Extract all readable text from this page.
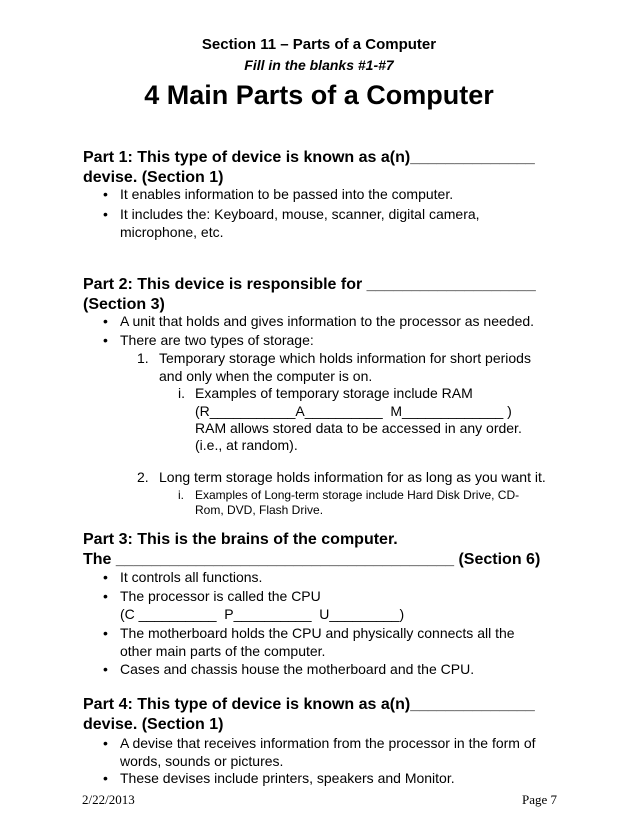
Section 11 – Parts of a Computer
Fill in the blanks #1-#7
4 Main Parts of a Computer
Part 1: This type of device is known as a(n)______________
devise. (Section 1)
• It enables information to be passed into the computer.
• It includes the: Keyboard, mouse, scanner, digital camera,
microphone, etc.
Part 2: This device is responsible for ___________________
(Section 3)
• A unit that holds and gives information to the processor as needed.
• There are two types of storage:
1. Temporary storage which holds information for short periods
and only when the computer is on.
i. Examples of temporary storage include RAM
(R___________A__________  M_____________ )
RAM allows stored data to be accessed in any order.
(i.e., at random).
2. Long term storage holds information for as long as you want it.
i. Examples of Long-term storage include Hard Disk Drive, CD-
Rom, DVD, Flash Drive.
Part 3: This is the brains of the computer.
The ______________________________________ (Section 6)
• It controls all functions.
• The processor is called the CPU
(C __________  P__________  U_________)
• The motherboard holds the CPU and physically connects all the
other main parts of the computer.
• Cases and chassis house the motherboard and the CPU.
Part 4: This type of device is known as a(n)______________
devise. (Section 1)
• A devise that receives information from the processor in the form of
words, sounds or pictures.
• These devises include printers, speakers and Monitor.
2/22/2013	Page 7
